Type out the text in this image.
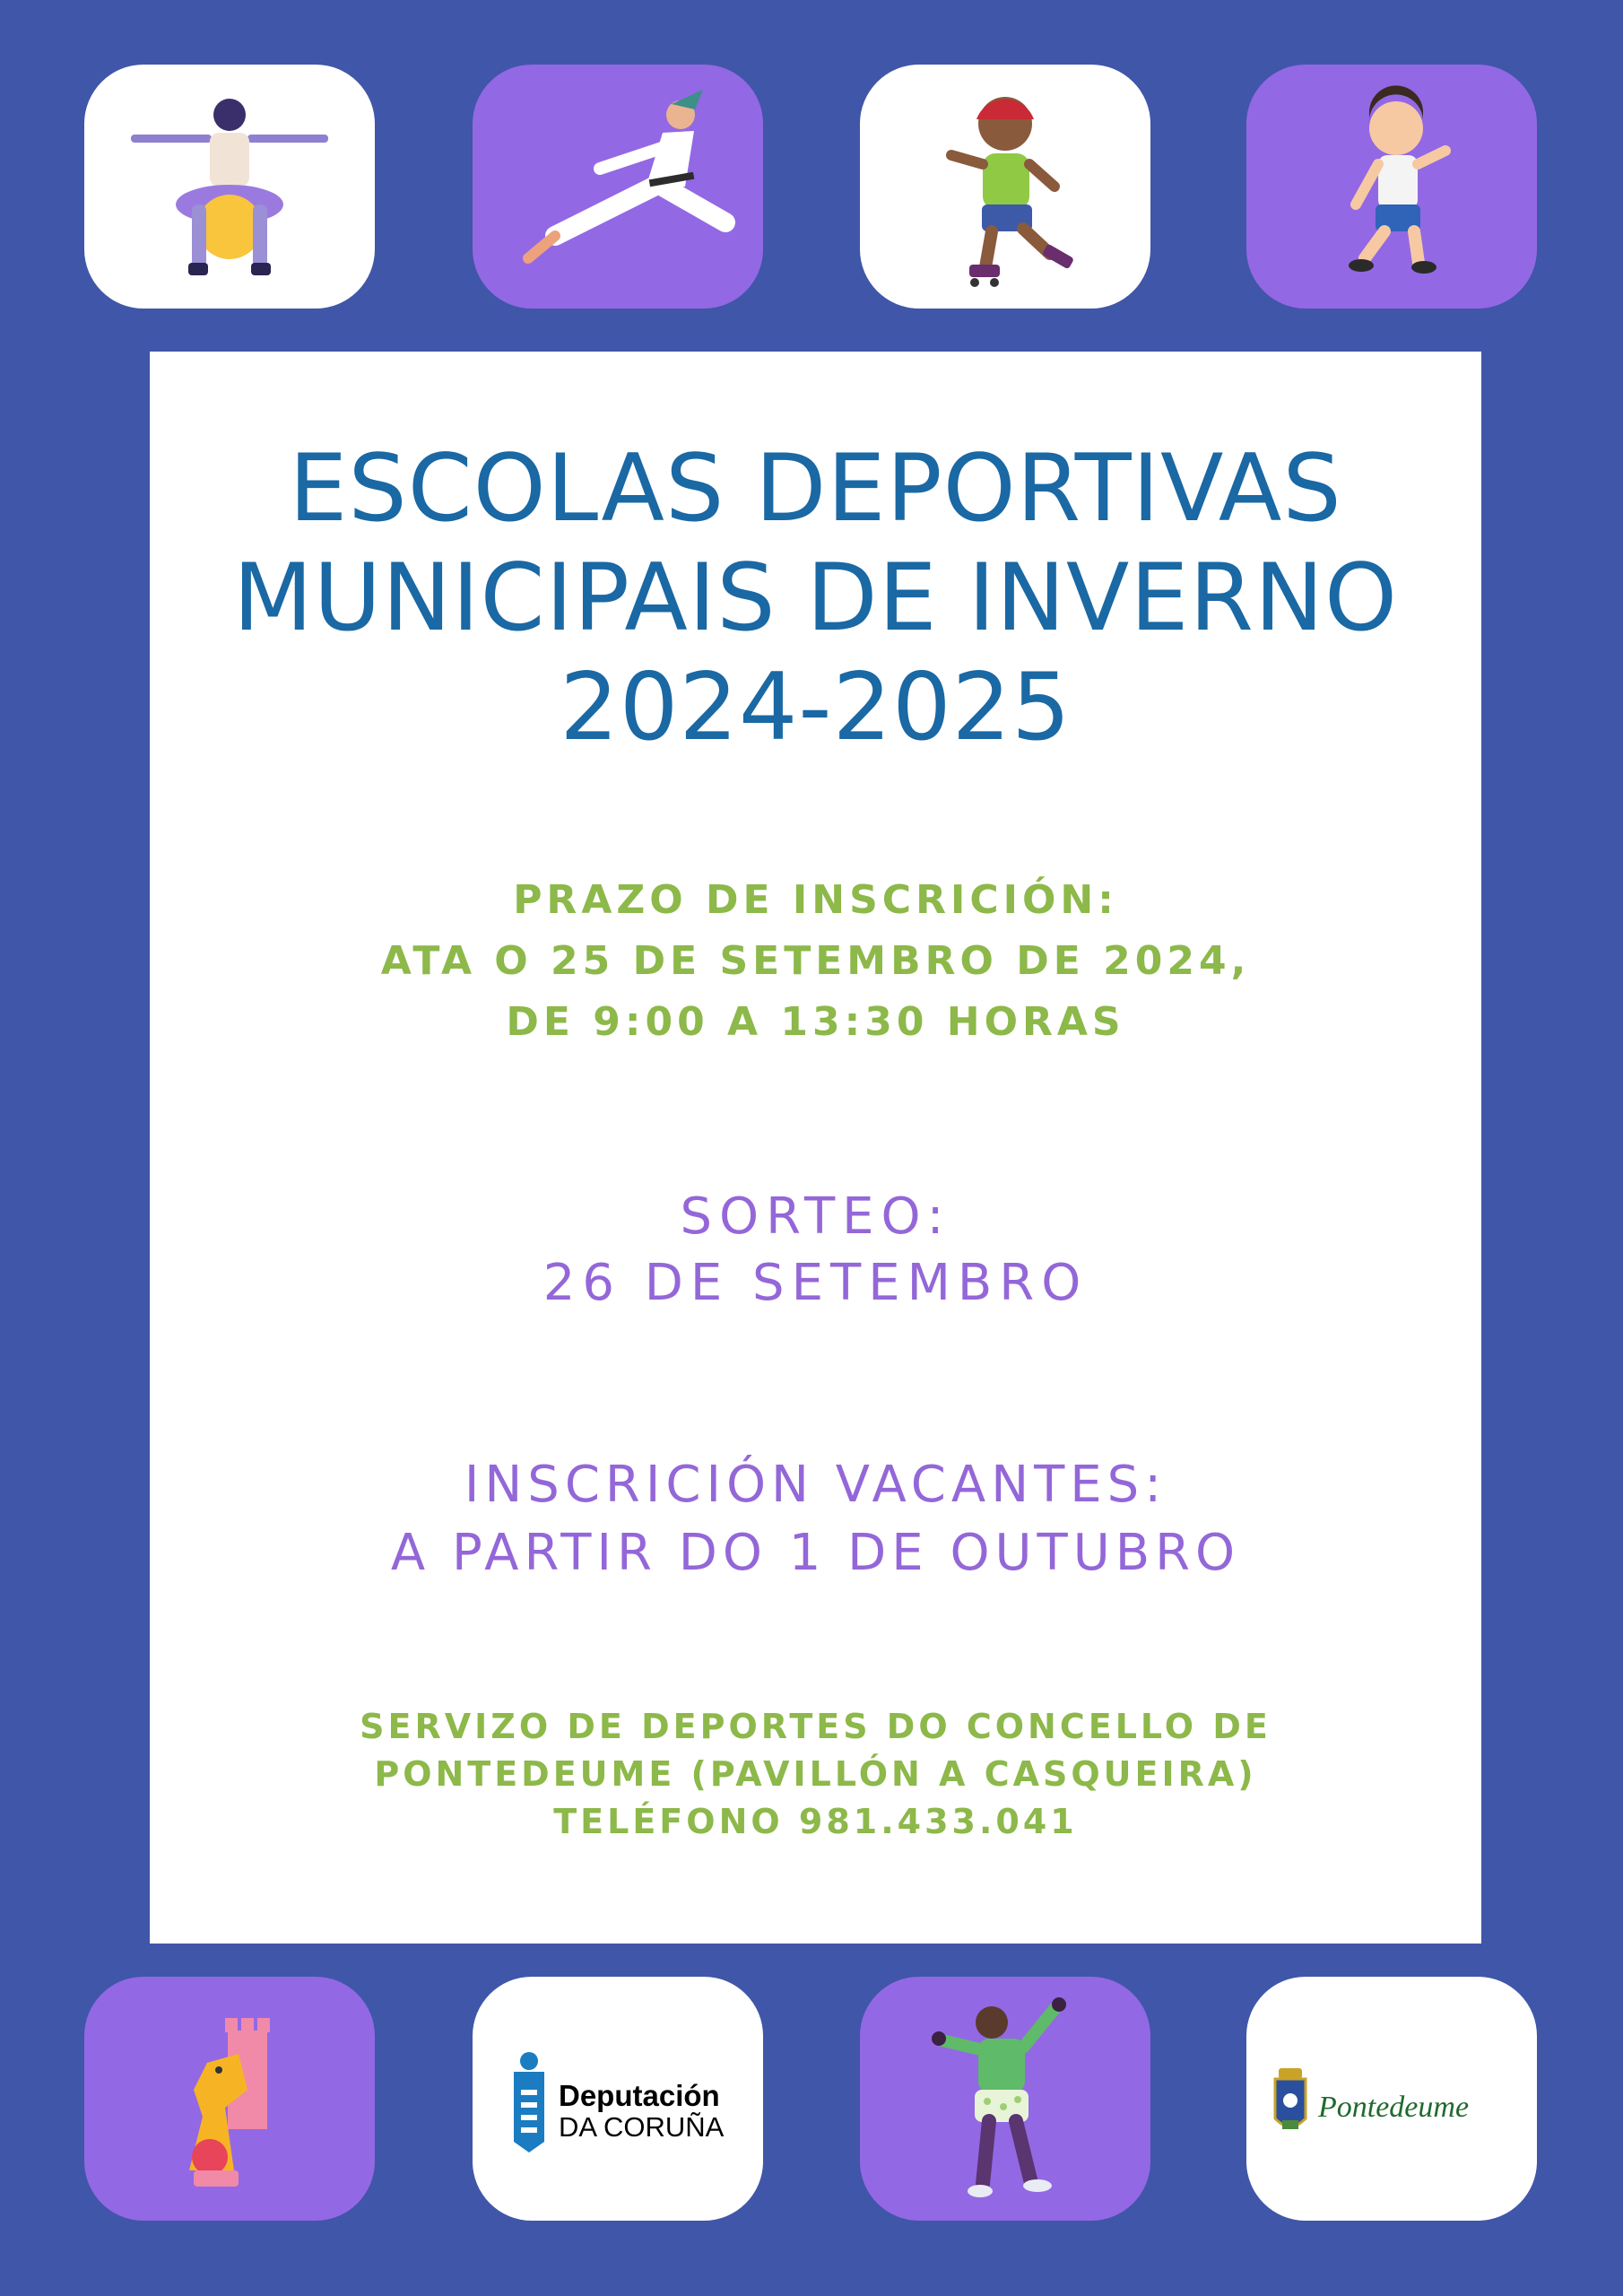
ESCOLAS DEPORTIVAS
MUNICIPAIS DE INVERNO
2024-2025
PRAZO DE INSCRICIÓN:
ATA O 25 DE SETEMBRO DE 2024,
DE 9:00 A 13:30 HORAS
SORTEO:
26 DE SETEMBRO
INSCRICIÓN VACANTES:
A PARTIR DO 1 DE OUTUBRO
SERVIZO DE DEPORTES DO CONCELLO DE
PONTEDEUME (PAVILLÓN A CASQUEIRA)
TELÉFONO 981.433.041
Deputación
DA CORUÑA
Pontedeume
